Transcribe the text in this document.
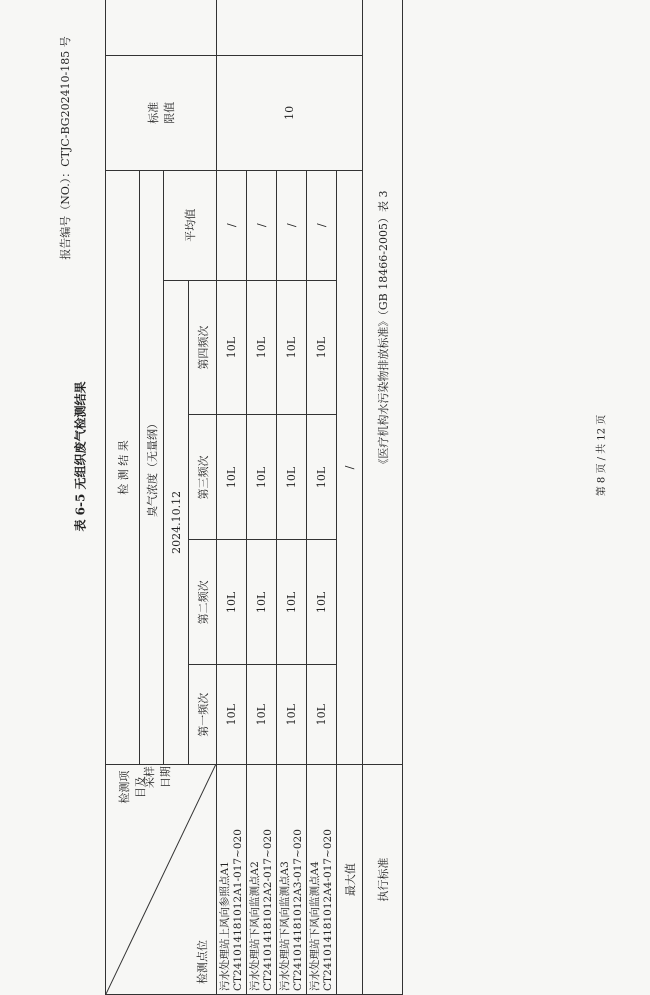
报告编号（NO.）：CTJC-BG202410-185 号
表 6-5 无组织废气检测结果	第 8 页 / 共 12 页
检测项目及
采样日期
检测点位	检 测 结 果					标准限值	
	臭气浓度（无量纲）						
	2024.10.12				平均值		
	第一频次	第二频次	第三频次	第四频次			
污水处理站上风向参照点A1
CT241014181012A1-017~020	10L	10L	10L	10L	/	10	
污水处理站下风向监测点A2
CT241014181012A2-017~020	10L	10L	10L	10L	/		
污水处理站下风向监测点A3
CT241014181012A3-017~020	10L	10L	10L	10L	/		
污水处理站下风向监测点A4
CT241014181012A4-017~020	10L	10L	10L	10L	/		
最大值	/						
执行标准	《医疗机构水污染物排放标准》（GB 18466-2005）表 3						
